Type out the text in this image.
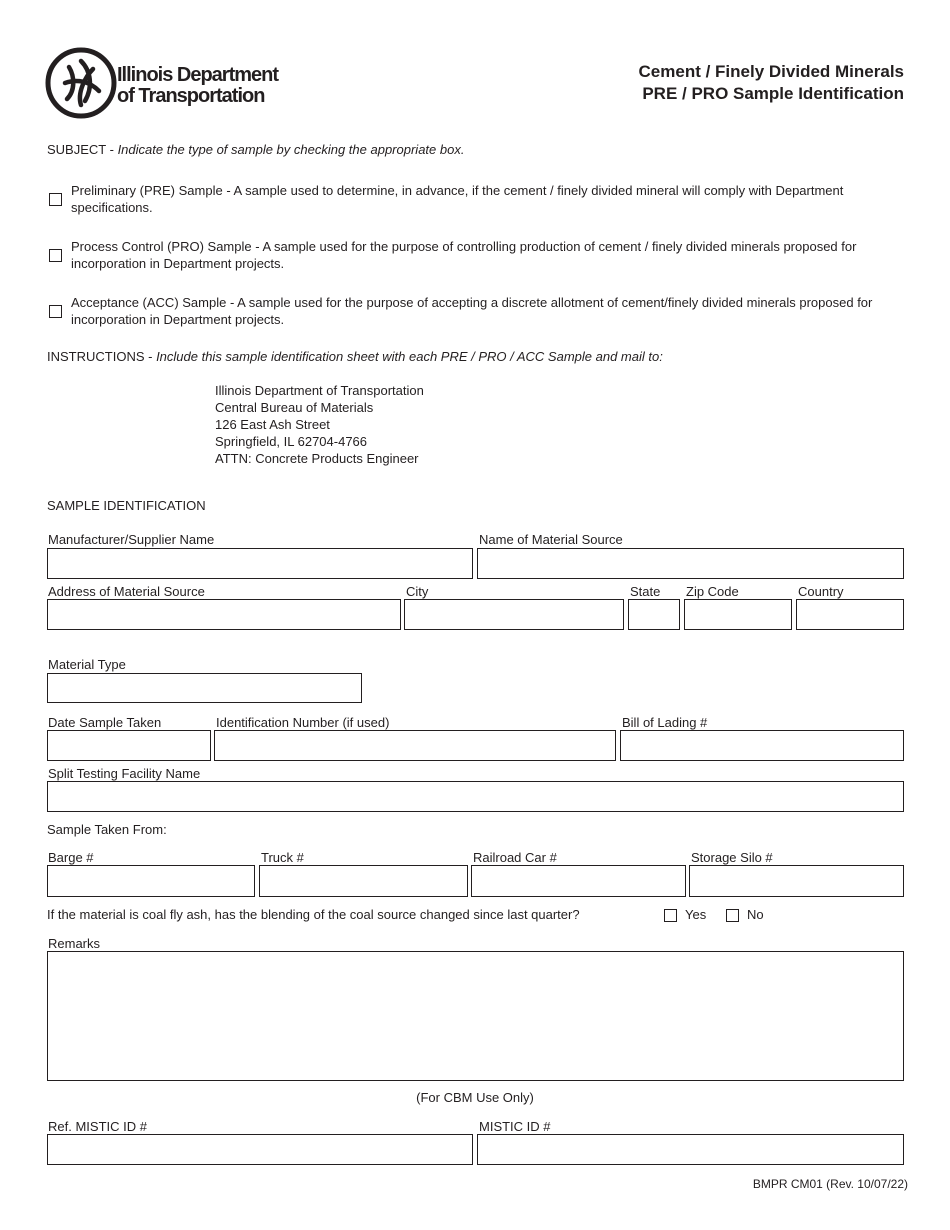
Illinois Department
of Transportation
Cement / Finely Divided Minerals
PRE / PRO Sample Identification
SUBJECT - Indicate the type of sample by checking the appropriate box.
Preliminary (PRE) Sample - A sample used to determine, in advance, if the cement / finely divided mineral will comply with Department specifications.
Process Control (PRO) Sample - A sample used for the purpose of controlling production of cement / finely divided minerals proposed for incorporation in Department projects.
Acceptance (ACC) Sample - A sample used for the purpose of accepting a discrete allotment of cement/finely divided minerals proposed for incorporation in Department projects.
INSTRUCTIONS - Include this sample identification sheet with each PRE / PRO / ACC Sample and mail to:
Illinois Department of Transportation
Central Bureau of Materials
126 East Ash Street
Springfield, IL 62704-4766
ATTN: Concrete Products Engineer
SAMPLE IDENTIFICATION
Manufacturer/Supplier Name	Name of Material Source
Address of Material Source	City	State Zip Code	Country
Material Type
Date Sample Taken	Identification Number (if used)	Bill of Lading #
Split Testing Facility Name
Sample Taken From:
Barge #	Truck #	Railroad Car #	Storage Silo #
If the material is coal fly ash, has the blending of the coal source changed since last quarter?	Yes	No
Remarks
(For CBM Use Only)
Ref. MISTIC ID #	MISTIC ID #
BMPR CM01 (Rev. 10/07/22)
